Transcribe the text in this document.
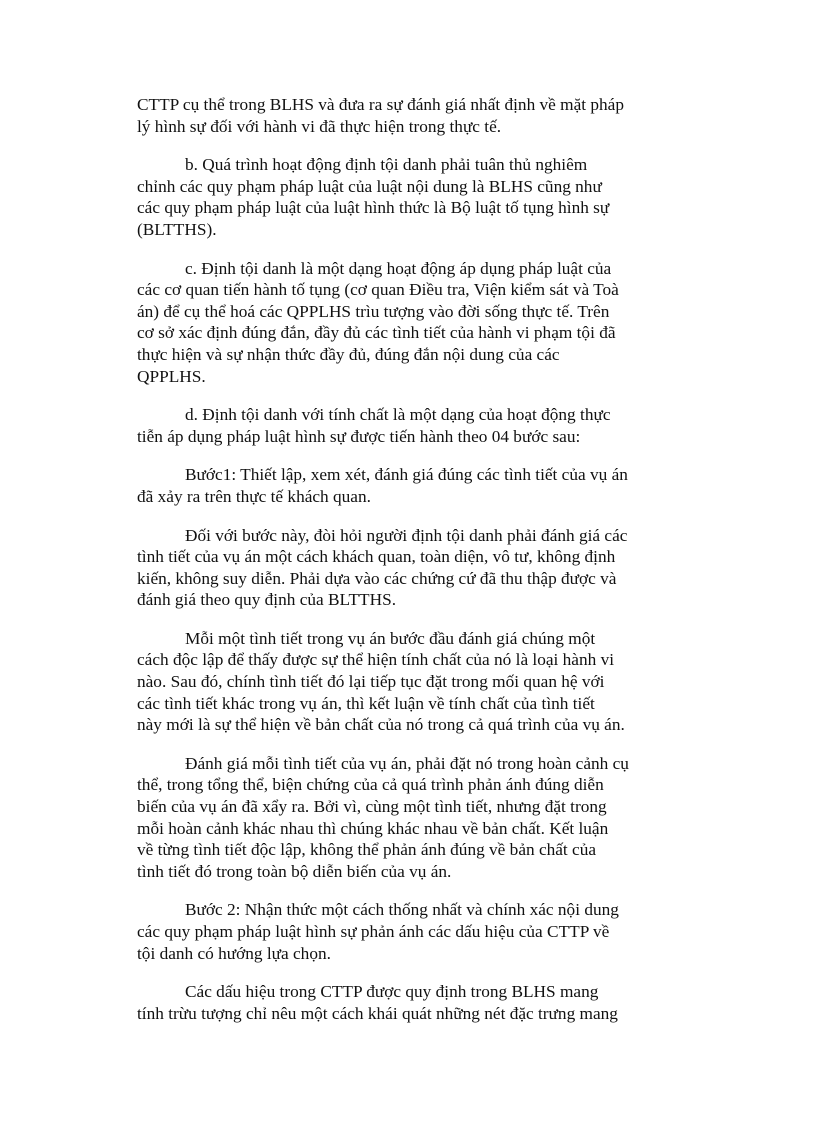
CTTP cụ thể trong BLHS và đưa ra sự đánh giá nhất định về mặt pháp
lý hình sự đối với hành vi đã thực hiện trong thực tế.
b. Quá trình hoạt động định tội danh phải tuân thủ nghiêm
chỉnh các quy phạm pháp luật của luật nội dung là BLHS cũng như
các quy phạm pháp luật của luật hình thức là Bộ luật tố tụng hình sự
(BLTTHS).
c. Định tội danh là một dạng hoạt động áp dụng pháp luật của
các cơ quan tiến hành tố tụng (cơ quan Điều tra, Viện kiểm sát và Toà
án) để cụ thể hoá các QPPLHS trìu tượng vào đời sống thực tế. Trên
cơ sở xác định đúng đắn, đầy đủ các tình tiết của hành vi phạm tội đã
thực hiện và sự nhận thức đầy đủ, đúng đắn nội dung của các
QPPLHS.
d. Định tội danh với tính chất là một dạng của hoạt động thực
tiễn áp dụng pháp luật hình sự được tiến hành theo 04 bước sau:
Bước1: Thiết lập, xem xét, đánh giá đúng các tình tiết của vụ án
đã xảy ra trên thực tế khách quan.
Đối với bước này, đòi hỏi người định tội danh phải đánh giá các
tình tiết của vụ án một cách khách quan, toàn diện, vô tư, không định
kiến, không suy diễn. Phải dựa vào các chứng cứ đã thu thập được và
đánh giá theo quy định của BLTTHS.
Mỗi một tình tiết trong vụ án bước đầu đánh giá chúng một
cách độc lập để thấy được sự thể hiện tính chất của nó là loại hành vi
nào. Sau đó, chính tình tiết đó lại tiếp tục đặt trong mối quan hệ với
các tình tiết khác trong vụ án, thì kết luận về tính chất của tình tiết
này mới là sự thể hiện về bản chất của nó trong cả quá trình của vụ án.
Đánh giá mỗi tình tiết của vụ án, phải đặt nó trong hoàn cảnh cụ
thể, trong tổng thể, biện chứng của cả quá trình phản ánh đúng diễn
biến của vụ án đã xẩy ra. Bởi vì, cùng một tình tiết, nhưng đặt trong
mỗi hoàn cảnh khác nhau thì chúng khác nhau về bản chất. Kết luận
về từng tình tiết độc lập, không thể phản ánh đúng về bản chất của
tình tiết đó trong toàn bộ diễn biến của vụ án.
Bước 2: Nhận thức một cách thống nhất và chính xác nội dung
các quy phạm pháp luật hình sự phản ánh các dấu hiệu của CTTP về
tội danh có hướng lựa chọn.
Các dấu hiệu trong CTTP được quy định trong BLHS mang
tính trừu tượng chỉ nêu một cách khái quát những nét đặc trưng mang
